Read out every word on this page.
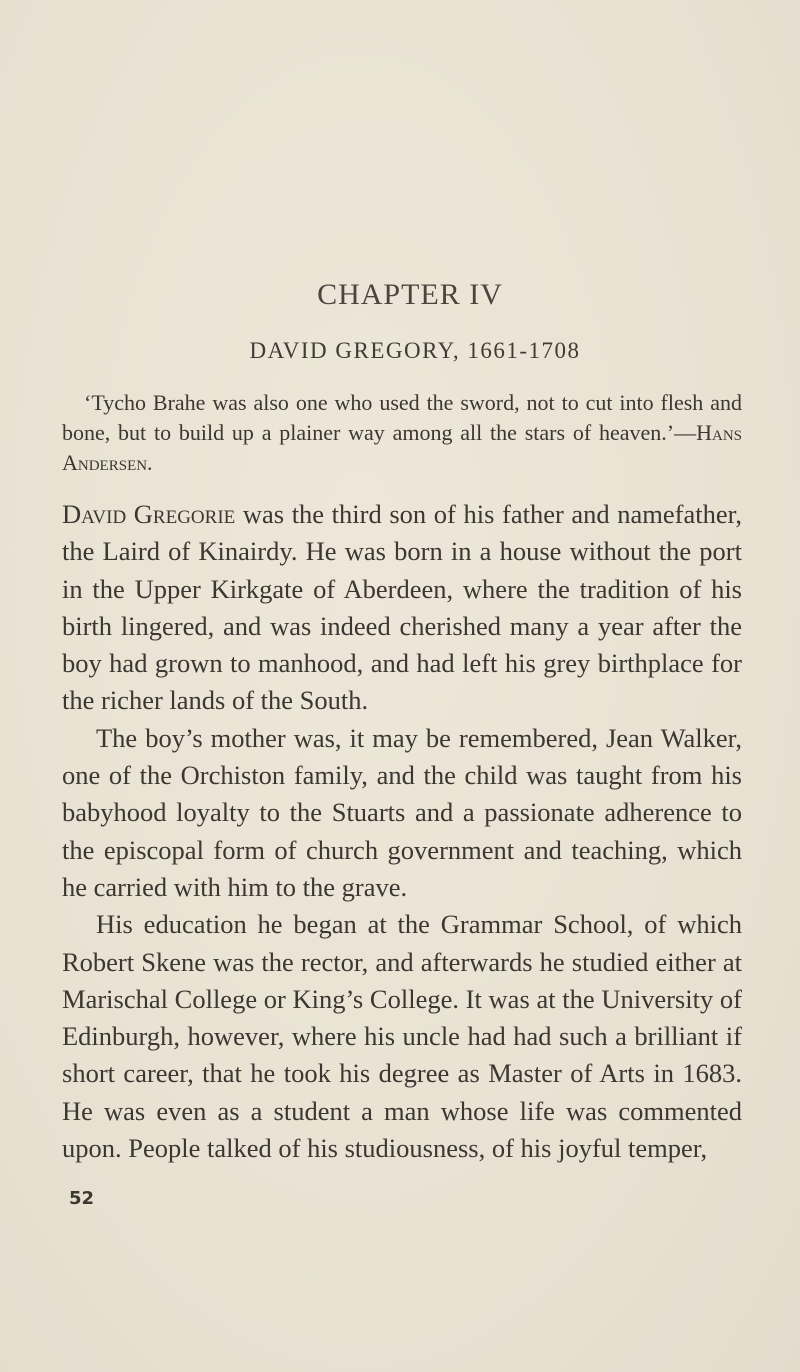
CHAPTER IV
DAVID GREGORY, 1661-1708

‘Tycho Brahe was also one who used the sword, not to cut into flesh and bone, but to build up a plainer way among all the stars of heaven.’—Hans Andersen.

David Gregorie was the third son of his father and namefather, the Laird of Kinairdy. He was born in a house without the port in the Upper Kirkgate of Aberdeen, where the tradition of his birth lingered, and was indeed cherished many a year after the boy had grown to manhood, and had left his grey birthplace for the richer lands of the South.

The boy’s mother was, it may be remembered, Jean Walker, one of the Orchiston family, and the child was taught from his babyhood loyalty to the Stuarts and a passionate adherence to the episcopal form of church government and teaching, which he carried with him to the grave.

His education he began at the Grammar School, of which Robert Skene was the rector, and afterwards he studied either at Marischal College or King’s College. It was at the University of Edinburgh, however, where his uncle had had such a brilliant if short career, that he took his degree as Master of Arts in 1683. He was even as a student a man whose life was commented upon. People talked of his studiousness, of his joyful temper,

52
